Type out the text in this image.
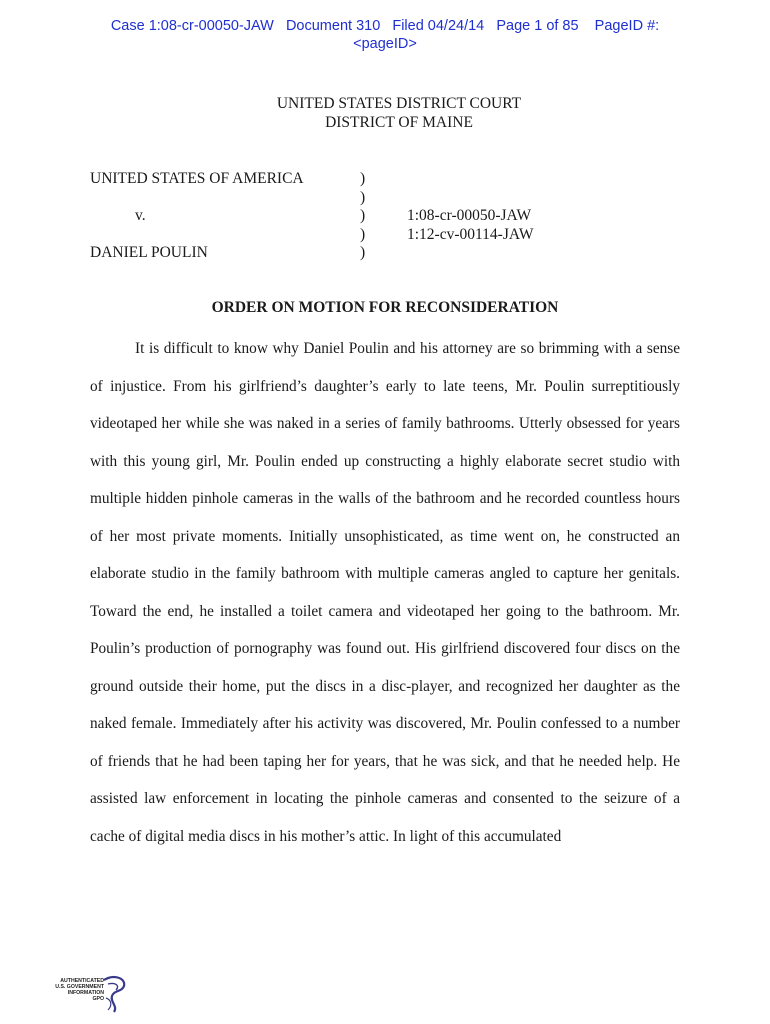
Case 1:08-cr-00050-JAW   Document 310   Filed 04/24/14   Page 1 of 85    PageID #:
<pageID>
UNITED STATES DISTRICT COURT
DISTRICT OF MAINE
UNITED STATES OF AMERICA
v.
DANIEL POULIN
)
)
)
)
)
1:08-cr-00050-JAW
1:12-cv-00114-JAW
ORDER ON MOTION FOR RECONSIDERATION

It is difficult to know why Daniel Poulin and his attorney are so brimming with a sense of injustice. From his girlfriend’s daughter’s early to late teens, Mr. Poulin surreptitiously videotaped her while she was naked in a series of family bathrooms. Utterly obsessed for years with this young girl, Mr. Poulin ended up constructing a highly elaborate secret studio with multiple hidden pinhole cameras in the walls of the bathroom and he recorded countless hours of her most private moments. Initially unsophisticated, as time went on, he constructed an elaborate studio in the family bathroom with multiple cameras angled to capture her genitals. Toward the end, he installed a toilet camera and videotaped her going to the bathroom. Mr. Poulin’s production of pornography was found out. His girlfriend discovered four discs on the ground outside their home, put the discs in a disc-player, and recognized her daughter as the naked female. Immediately after his activity was discovered, Mr. Poulin confessed to a number of friends that he had been taping her for years, that he was sick, and that he needed help. He assisted law enforcement in locating the pinhole cameras and consented to the seizure of a cache of digital media discs in his mother’s attic. In light of this accumulated

AUTHENTICATED
U.S. GOVERNMENT
INFORMATION
GPO
